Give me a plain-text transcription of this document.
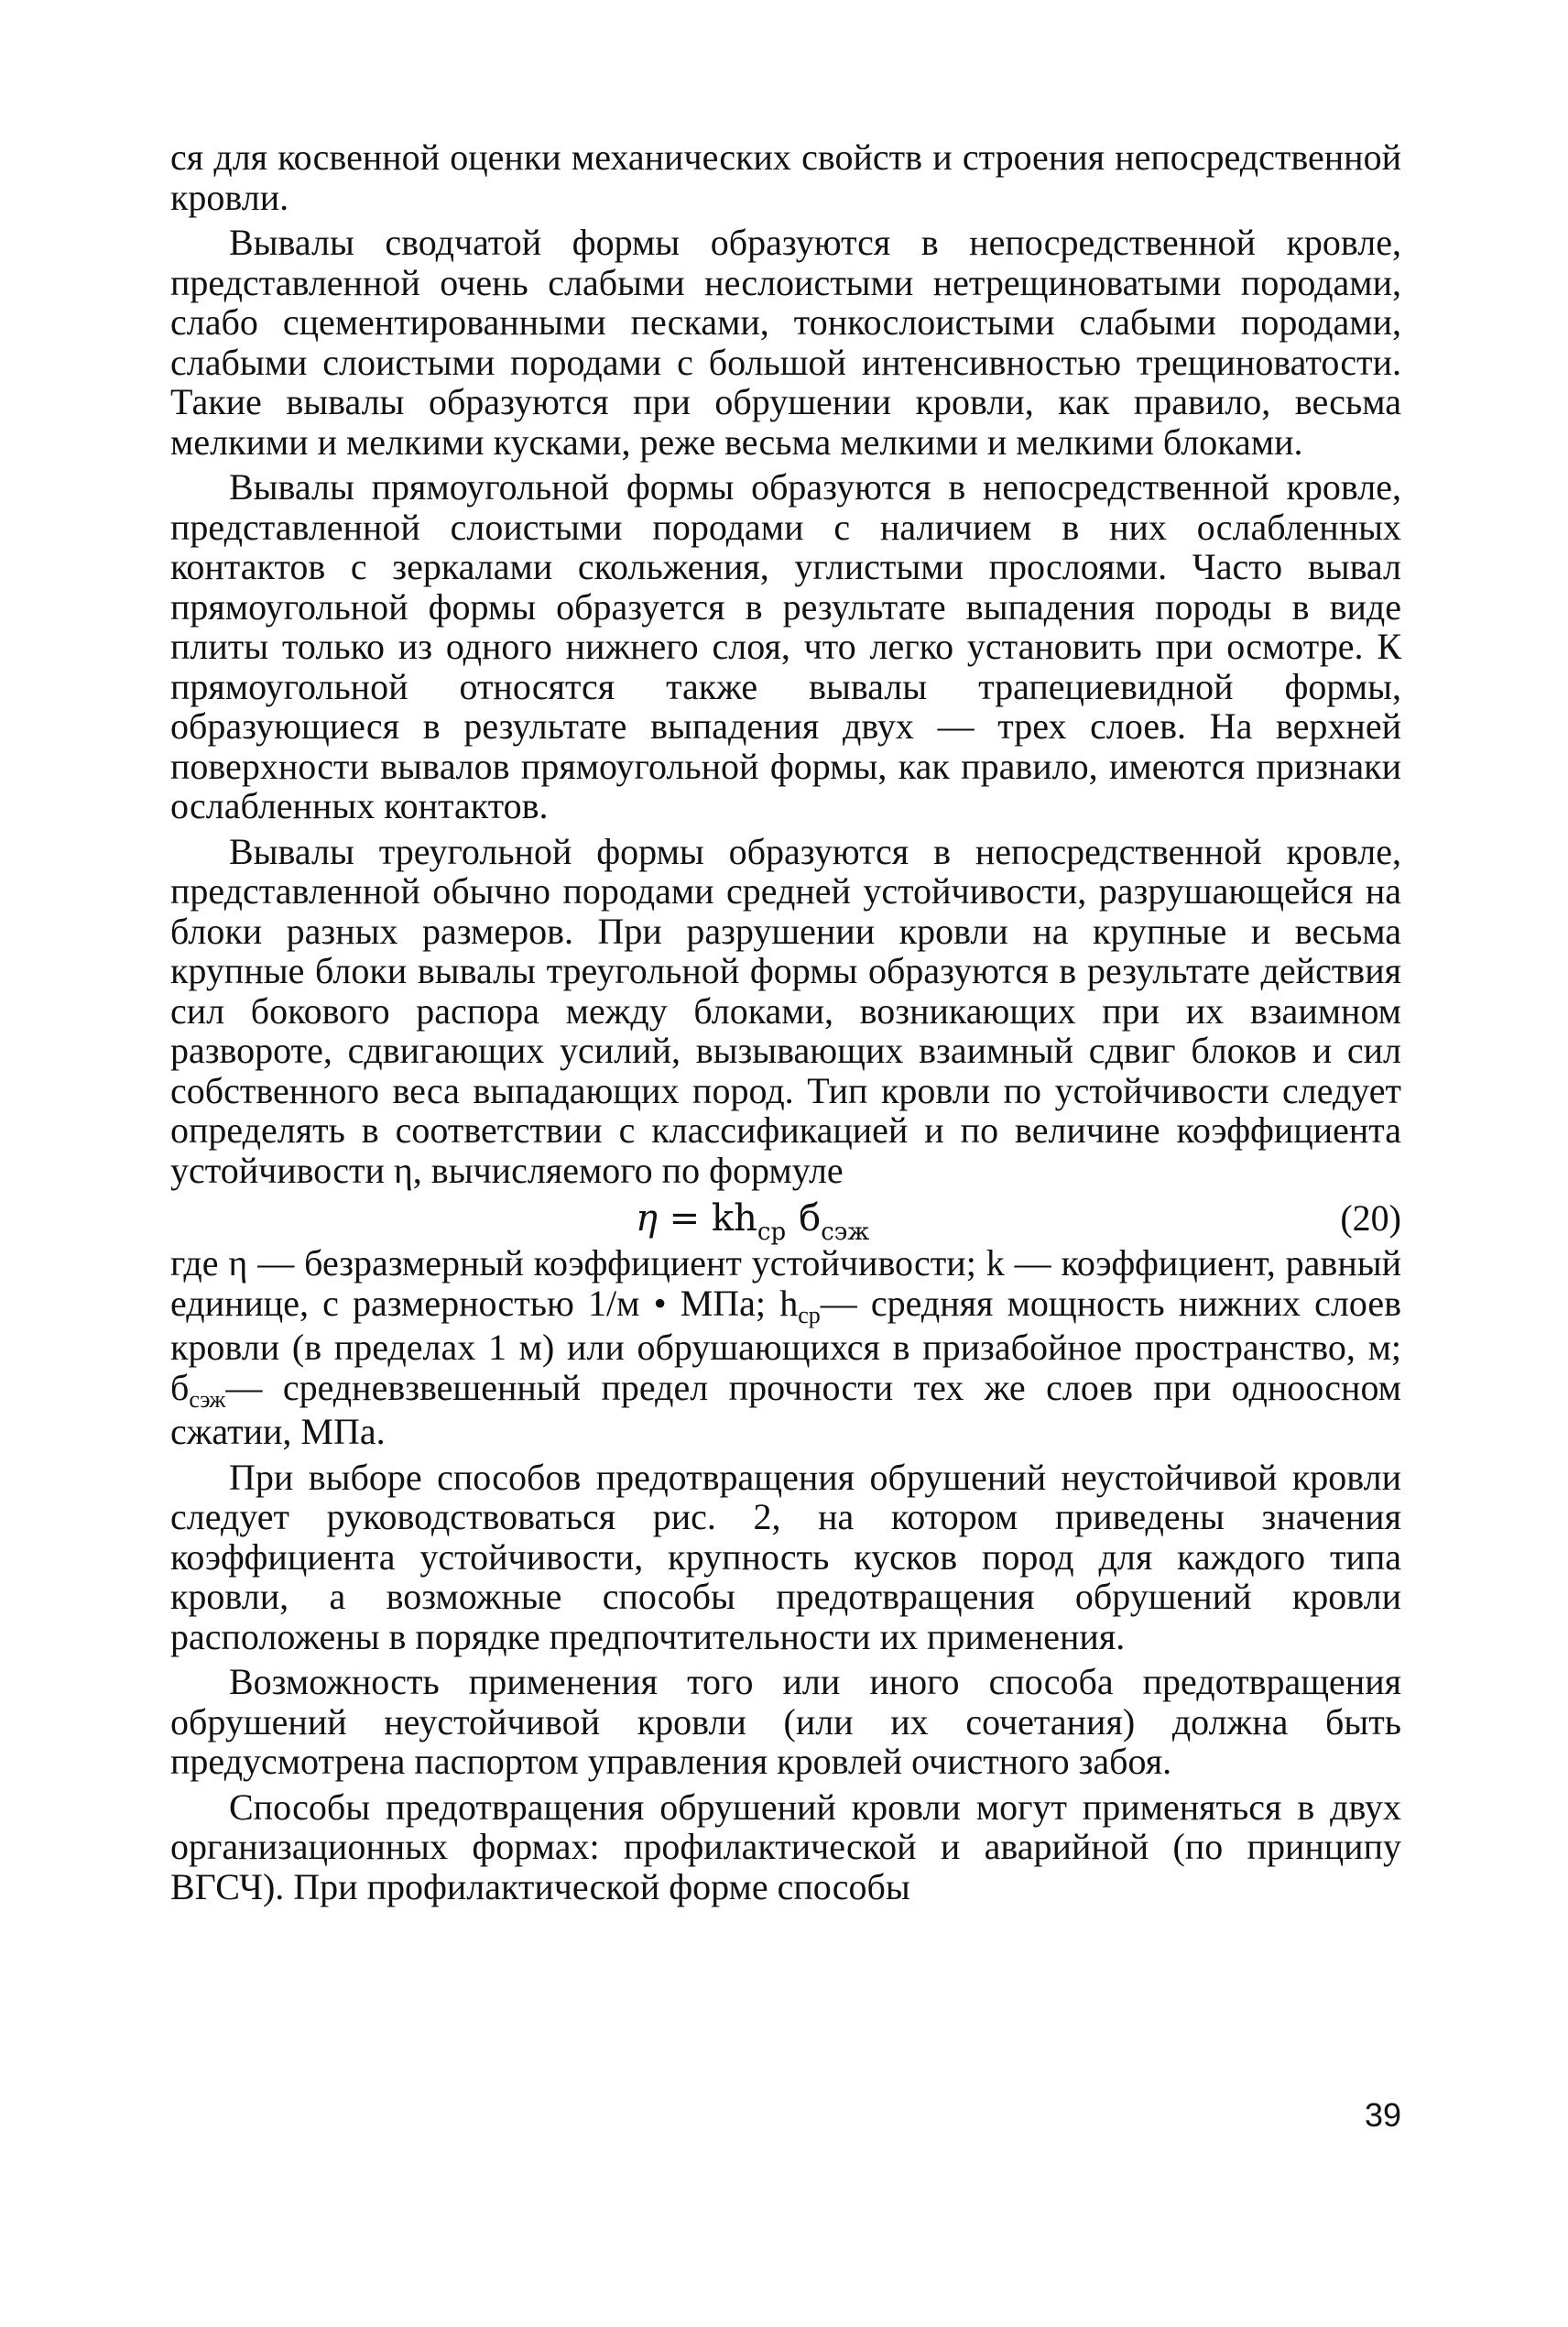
ся для косвенной оценки механических свойств и строения непосредственной кровли.

Вывалы сводчатой формы образуются в непосредственной кровле, представленной очень слабыми неслоистыми нетрещиноватыми породами, слабо сцементированными песками, тонкослоистыми слабыми породами, слабыми слоистыми породами с большой интенсивностью трещиноватости. Такие вывалы образуются при обрушении кровли, как правило, весьма мелкими и мелкими кусками, реже весьма мелкими и мелкими блоками.

Вывалы прямоугольной формы образуются в непосредственной кровле, представленной слоистыми породами с наличием в них ослабленных контактов с зеркалами скольжения, углистыми прослоями. Часто вывал прямоугольной формы образуется в результате выпадения породы в виде плиты только из одного нижнего слоя, что легко установить при осмотре. К прямоугольной относятся также вывалы трапециевидной формы, образующиеся в результате выпадения двух — трех слоев. На верхней поверхности вывaлов прямоугольной формы, как правило, имеются признаки ослабленных контактов.

Вывалы треугольной формы образуются в непосредственной кровле, представленной обычно породами средней устойчивости, разрушающейся на блоки разных размеров. При разрушении кровли на крупные и весьма крупные блоки вывалы треугольной формы образуются в результате действия сил бокового распора между блоками, возникающих при их взаимном развороте, сдвигающих усилий, вызывающих взаимный сдвиг блоков и сил собственного веса выпадающих пород. Тип кровли по устойчивости следует определять в соответствии с классификацией и по величине коэффициента устойчивости η, вычисляемого по формуле

$\eta = kh_{ср}$ $б_{сэж}$	(20)

где η — безразмерный коэффициент устойчивости; k — коэффициент, равный единице, с размерностью 1/м • МПа; $h_{ср}—$ средняя мощность нижних слоев кровли (в пределах 1 м) или обрушающихся в призабойное пространство, м; $б_{сэж}—$ средневзвешенный предел прочности тех же слоев при одноосном сжатии, МПа.

При выборе способов предотвращения обрушений неустойчивой кровли следует руководствоваться рис. 2, на котором приведены значения коэффициента устойчивости, крупность кусков пород для каждого типа кровли, а возможные способы предотвращения обрушений кровли расположены в порядке предпочтительности их применения.

Возможность применения того или иного способа предотвращения обрушений неустойчивой кровли (или их сочетания) должна быть предусмотрена паспортом управления кровлей очистного забоя.

Способы предотвращения обрушений кровли могут применяться в двух организационных формах: профилактической и аварийной (по принципу ВГСЧ). При профилактической форме способы

39
